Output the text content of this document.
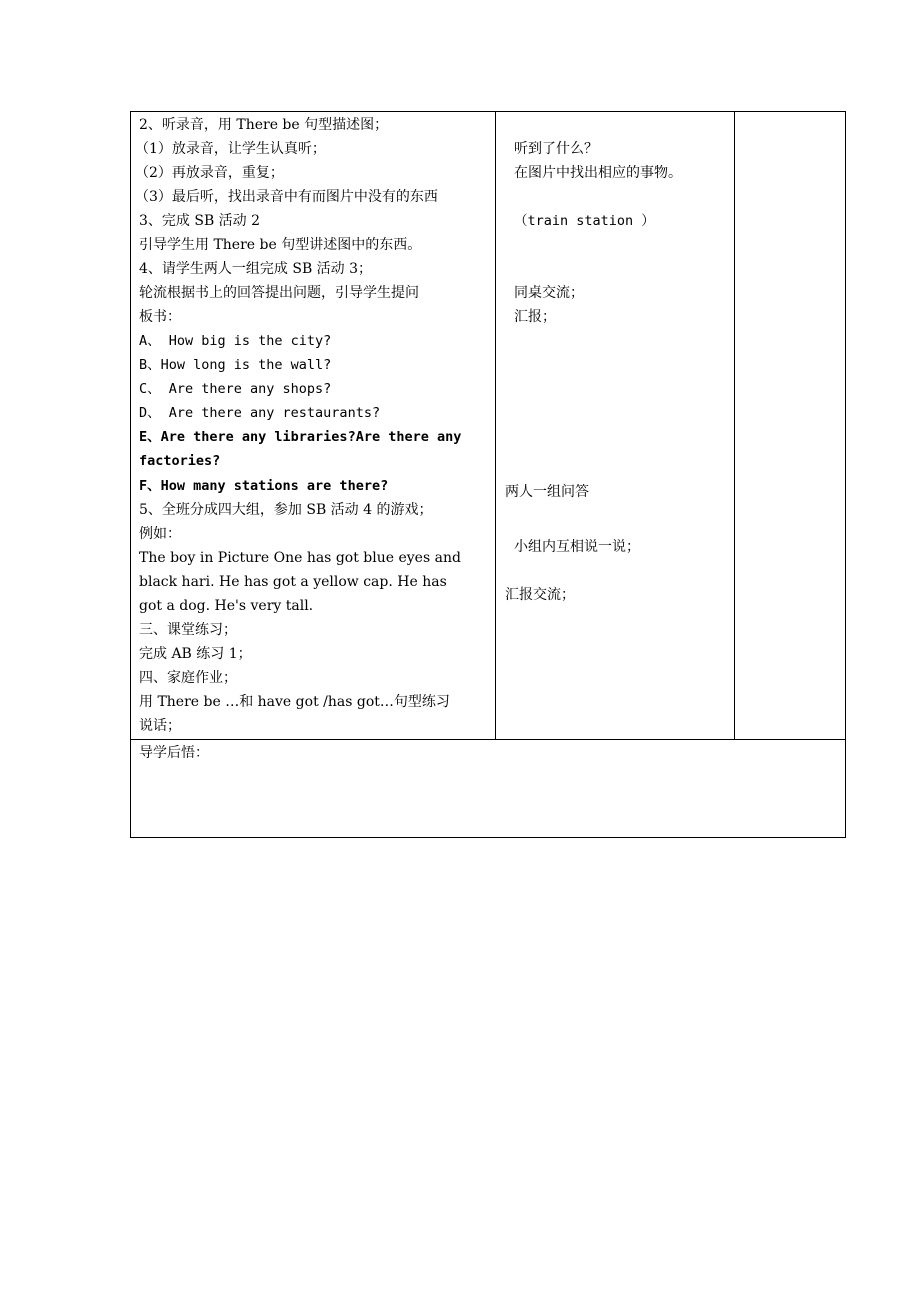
2、听录音，用 There be 句型描述图；
（1）放录音，让学生认真听；
（2）再放录音，重复；
（3）最后听，找出录音中有而图片中没有的东西
3、完成 SB 活动 2
引导学生用 There be 句型讲述图中的东西。
4、请学生两人一组完成 SB 活动 3；
轮流根据书上的回答提出问题，引导学生提问
板书：
A、 How big is the city?
B、How long is the wall?
C、 Are there any shops?
D、 Are there any restaurants?
E、Are there any libraries?Are there any
factories?
F、How many stations are there?
5、全班分成四大组，参加 SB 活动 4 的游戏；
例如：
The boy in Picture One has got blue eyes and
black hari. He has got a yellow cap. He has
got a dog. He's very tall.
三、课堂练习；
完成 AB 练习 1；
四、家庭作业；
用 There be …和 have got /has got…句型练习
说话；
听到了什么？
在图片中找出相应的事物。
（train station ）
同桌交流；
汇报；
两人一组问答
小组内互相说一说；
汇报交流；
导学后悟：
